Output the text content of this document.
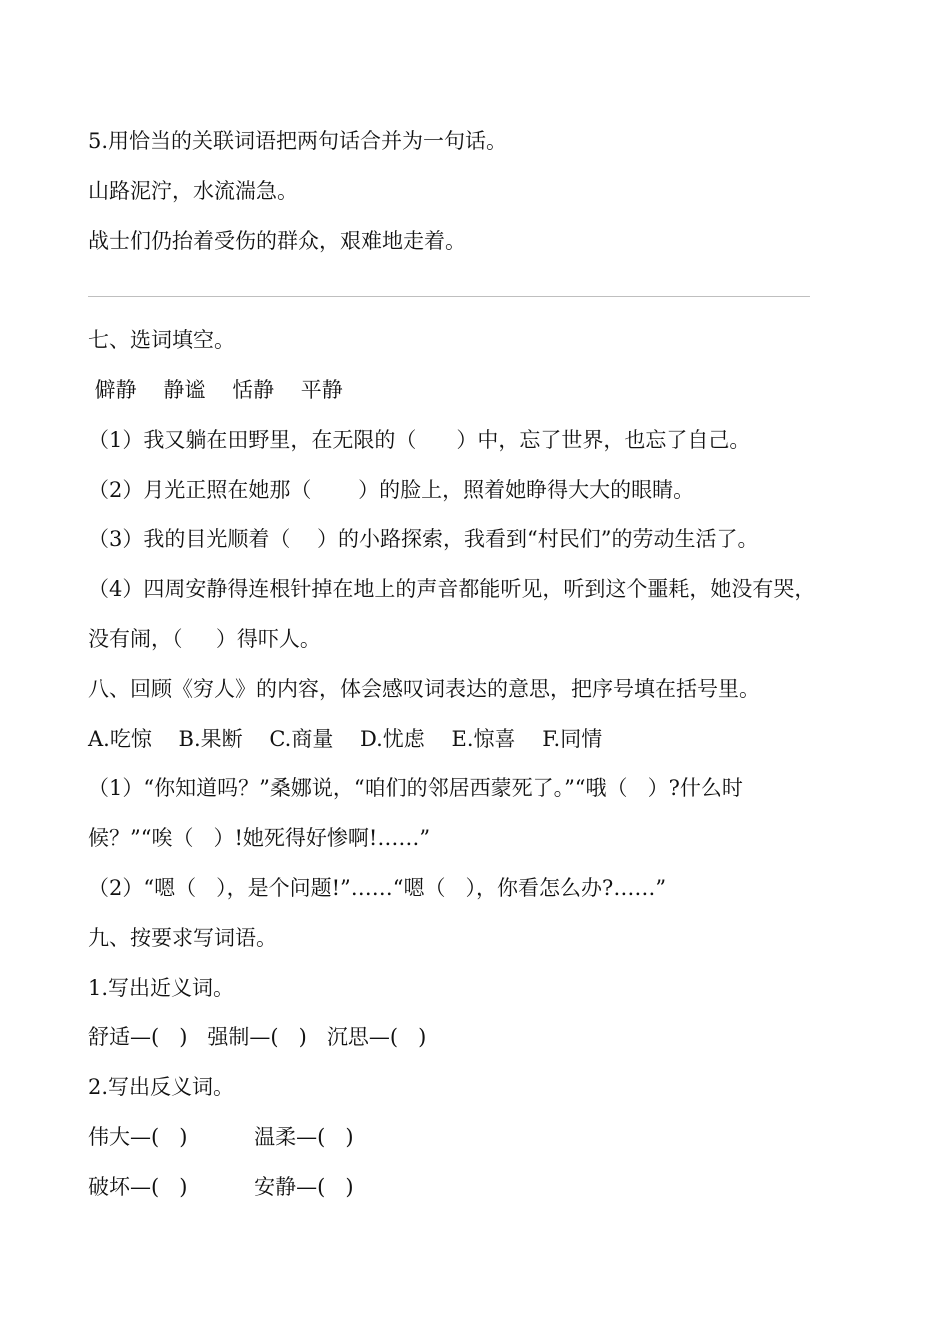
5.用恰当的关联词语把两句话合并为一句话。
山路泥泞，水流湍急。
战士们仍抬着受伤的群众，艰难地走着。
七、选词填空。
僻静    静谧    恬静    平静
（1）我又躺在田野里，在无限的（      ）中，忘了世界，也忘了自己。
（2）月光正照在她那（       ）的脸上，照着她睁得大大的眼睛。
（3）我的目光顺着（    ）的小路探索，我看到“村民们”的劳动生活了。
（4）四周安静得连根针掉在地上的声音都能听见，听到这个噩耗，她没有哭，
没有闹，（     ）得吓人。
八、回顾《穷人》的内容，体会感叹词表达的意思，把序号填在括号里。
A.吃惊    B.果断    C.商量    D.忧虑    E.惊喜    F.同情
（1）“你知道吗？”桑娜说，“咱们的邻居西蒙死了。”“哦（   ）?什么时
候？”“唉（   ）!她死得好惨啊!……”
（2）“嗯（   ），是个问题!”……“嗯（   ），你看怎么办?……”
九、按要求写词语。
1.写出近义词。
舒适—(   )   强制—(   )   沉思—(   )
2.写出反义词。
伟大—(   )          温柔—(   )
破坏—(   )          安静—(   )
